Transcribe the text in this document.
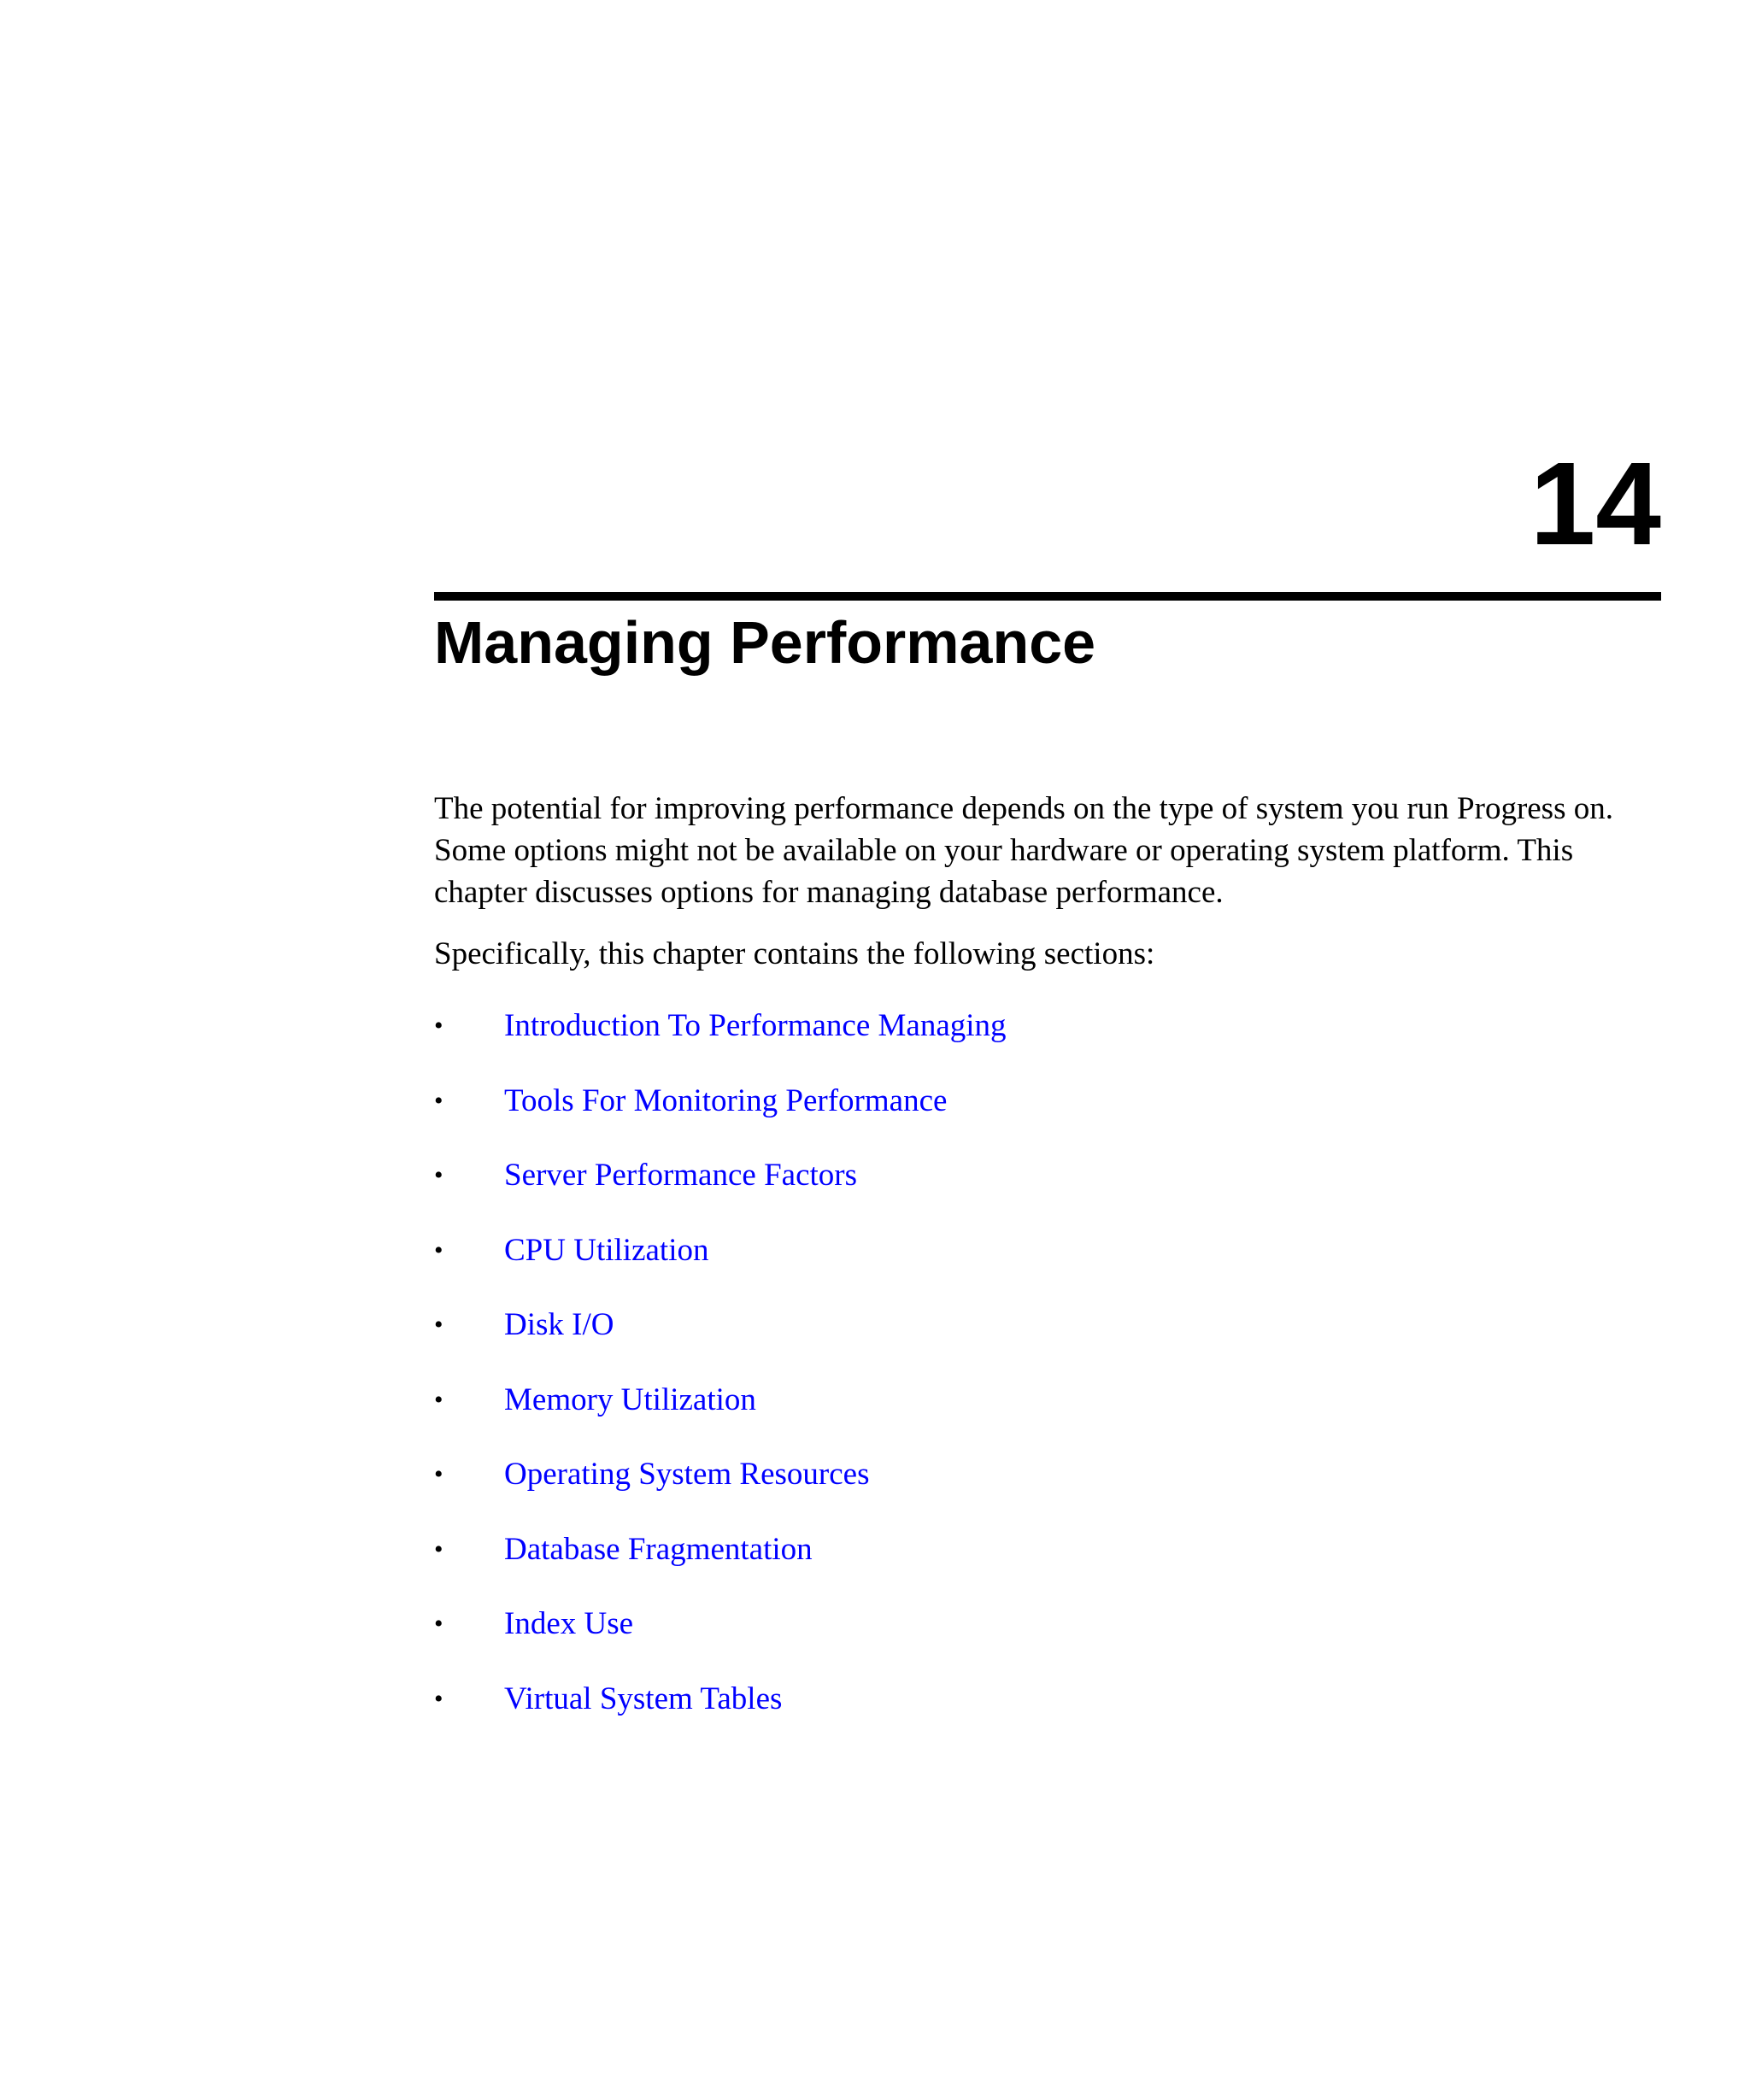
14
Managing Performance

The potential for improving performance depends on the type of system you run Progress on. Some options might not be available on your hardware or operating system platform. This chapter discusses options for managing database performance.

Specifically, this chapter contains the following sections:

• Introduction To Performance Managing
• Tools For Monitoring Performance
• Server Performance Factors
• CPU Utilization
• Disk I/O
• Memory Utilization
• Operating System Resources
• Database Fragmentation
• Index Use
• Virtual System Tables
